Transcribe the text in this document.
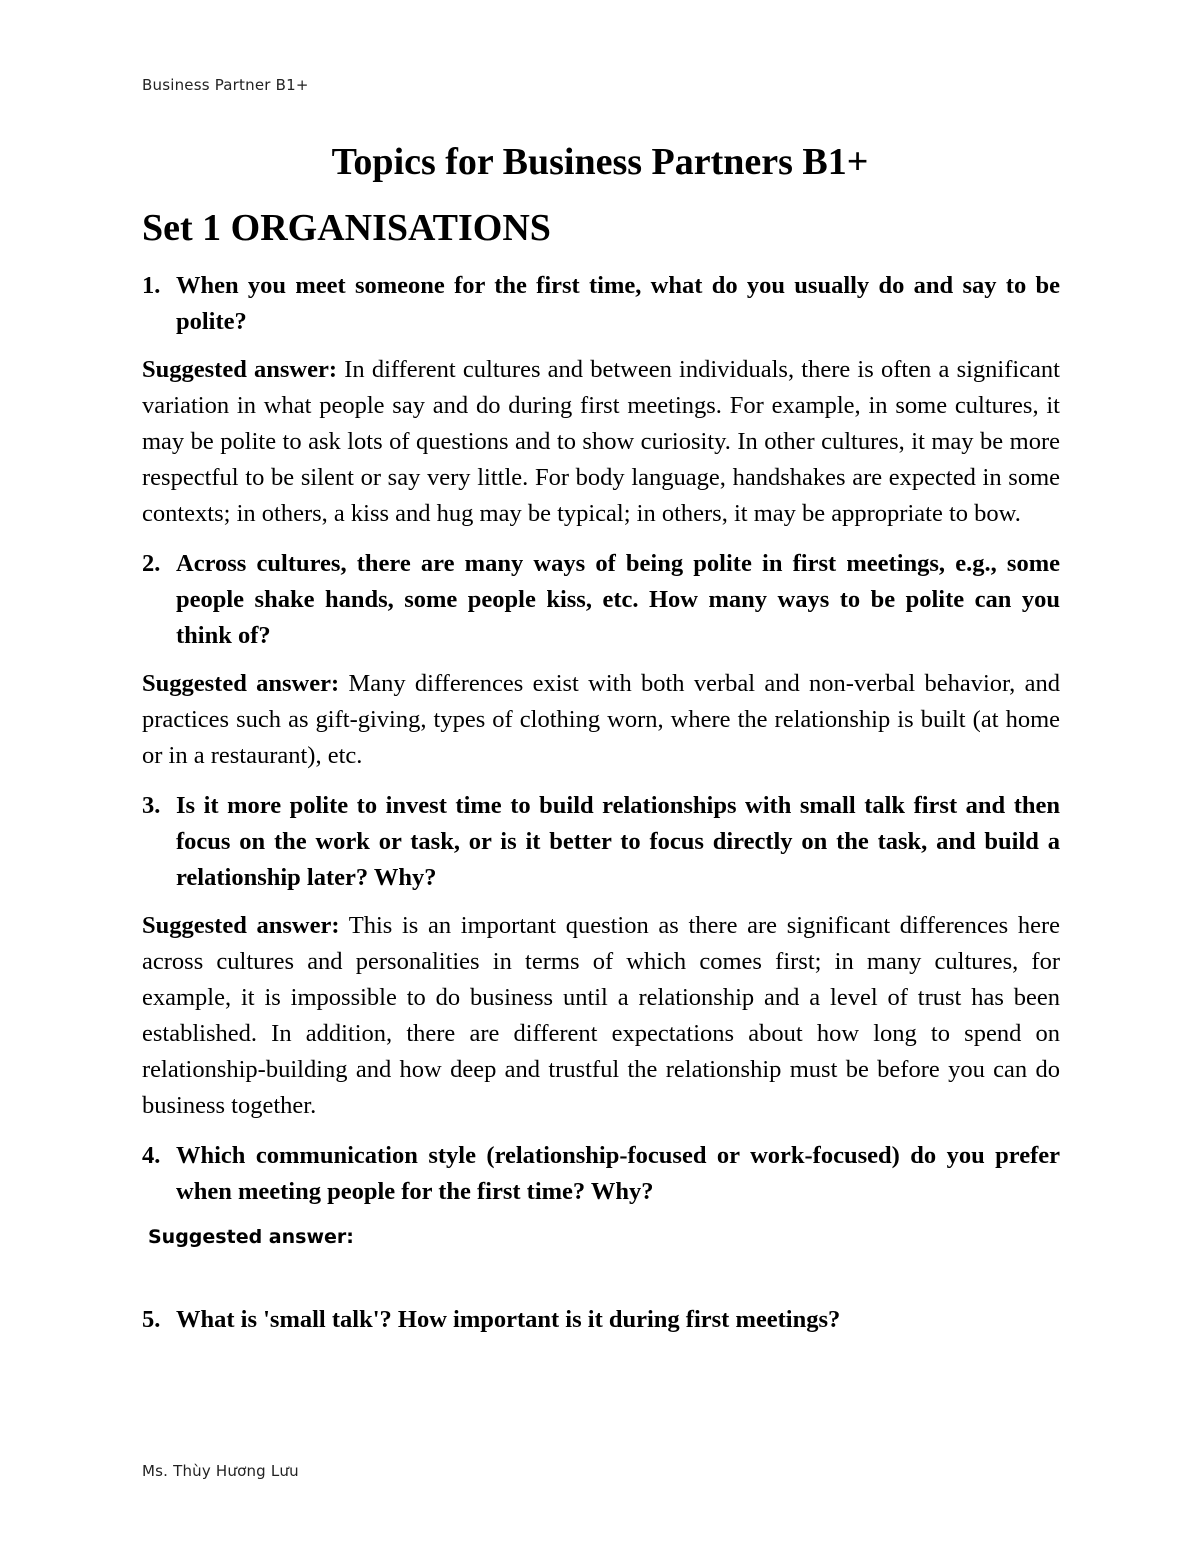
Business Partner B1+
Topics for Business Partners B1+
Set 1 ORGANISATIONS
1. When you meet someone for the first time, what do you usually do and say to be polite?

Suggested answer: In different cultures and between individuals, there is often a significant variation in what people say and do during first meetings. For example, in some cultures, it may be polite to ask lots of questions and to show curiosity. In other cultures, it may be more respectful to be silent or say very little. For body language, handshakes are expected in some contexts; in others, a kiss and hug may be typical; in others, it may be appropriate to bow.

2. Across cultures, there are many ways of being polite in first meetings, e.g., some people shake hands, some people kiss, etc. How many ways to be polite can you think of?

Suggested answer: Many differences exist with both verbal and non-verbal behavior, and practices such as gift-giving, types of clothing worn, where the relationship is built (at home or in a restaurant), etc.

3. Is it more polite to invest time to build relationships with small talk first and then focus on the work or task, or is it better to focus directly on the task, and build a relationship later? Why?

Suggested answer: This is an important question as there are significant differences here across cultures and personalities in terms of which comes first; in many cultures, for example, it is impossible to do business until a relationship and a level of trust has been established. In addition, there are different expectations about how long to spend on relationship-building and how deep and trustful the relationship must be before you can do business together.

4. Which communication style (relationship-focused or work-focused) do you prefer when meeting people for the first time? Why?

Suggested answer:

5. What is 'small talk'? How important is it during first meetings?
Ms. Thùy Hương Lưu
